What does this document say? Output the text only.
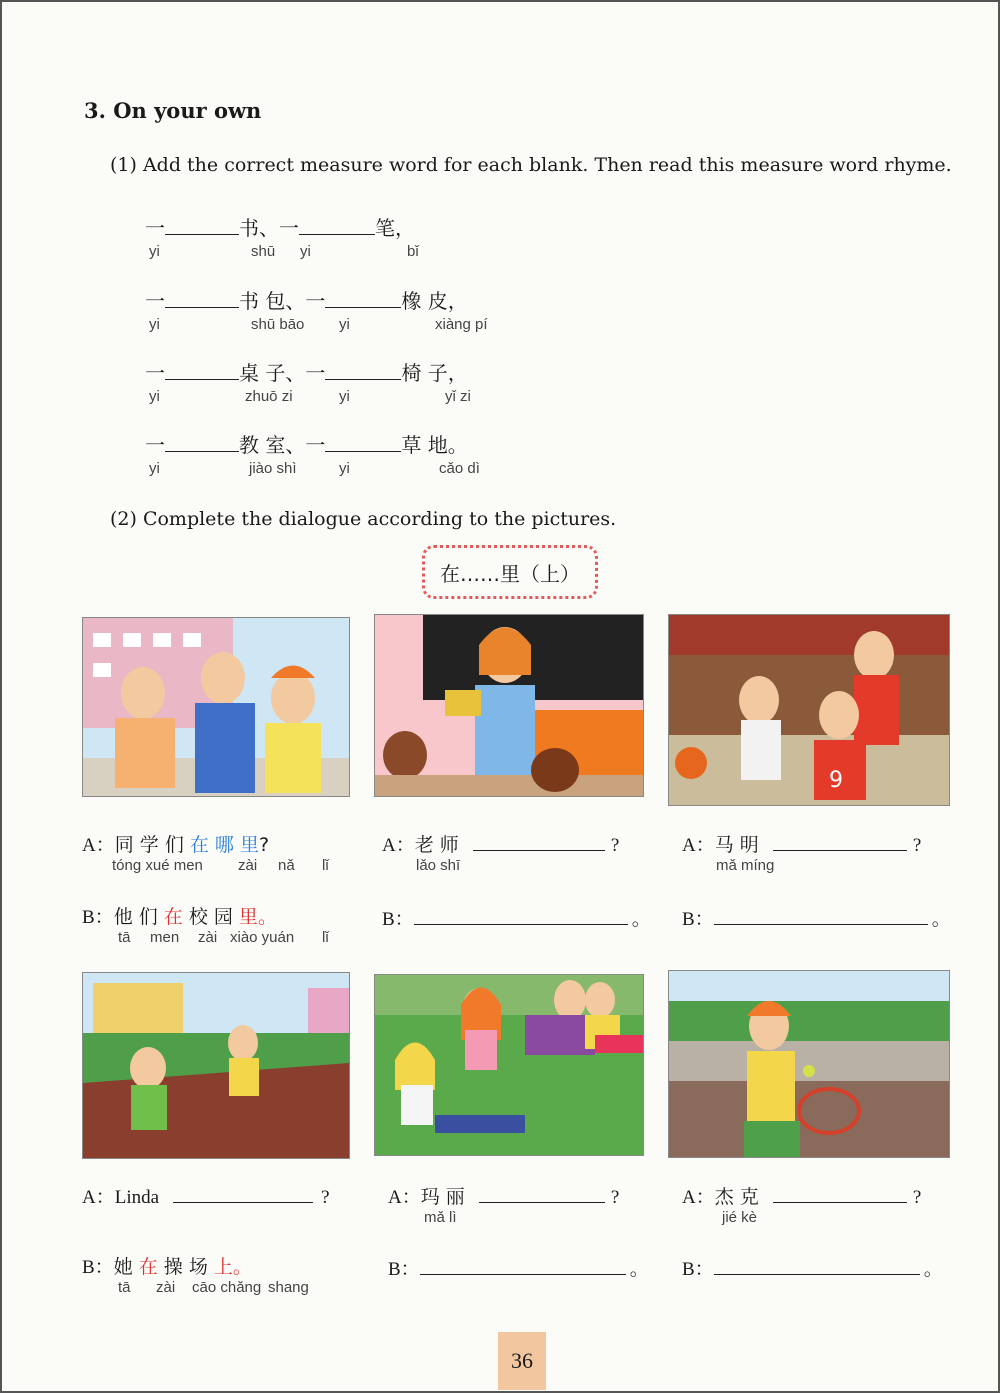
3. On your own
(1) Add the correct measure word for each blank. Then read this measure word rhyme.
一	书、一	笔，
yi	shū yi	bǐ
一	书 包、一	橡 皮，
yi	shū bāo yi	xiàng pí
一	桌 子、一	椅 子，
yi	zhuō zi	yi	yǐ zi
一	教 室、一	草 地。
yi	jiào shì	yi	cǎo dì
(2) Complete the dialogue according to the pictures.
在……里（上）
9
A：同 学 们 在 哪 里?
tóng xué men zài nǎ lǐ
B：他 们 在 校 园 里。
tā men zài xiào yuán lǐ
A：老 师	?
lǎo shī
B：	。
A：马 明	?
mǎ míng
B：	。
A：Linda	?
B：她 在 操 场 上。
tā zài cāo chǎng shang
A：玛 丽	?
mǎ lì
B：	。
A：杰 克	?
jié kè
B：	。
36
